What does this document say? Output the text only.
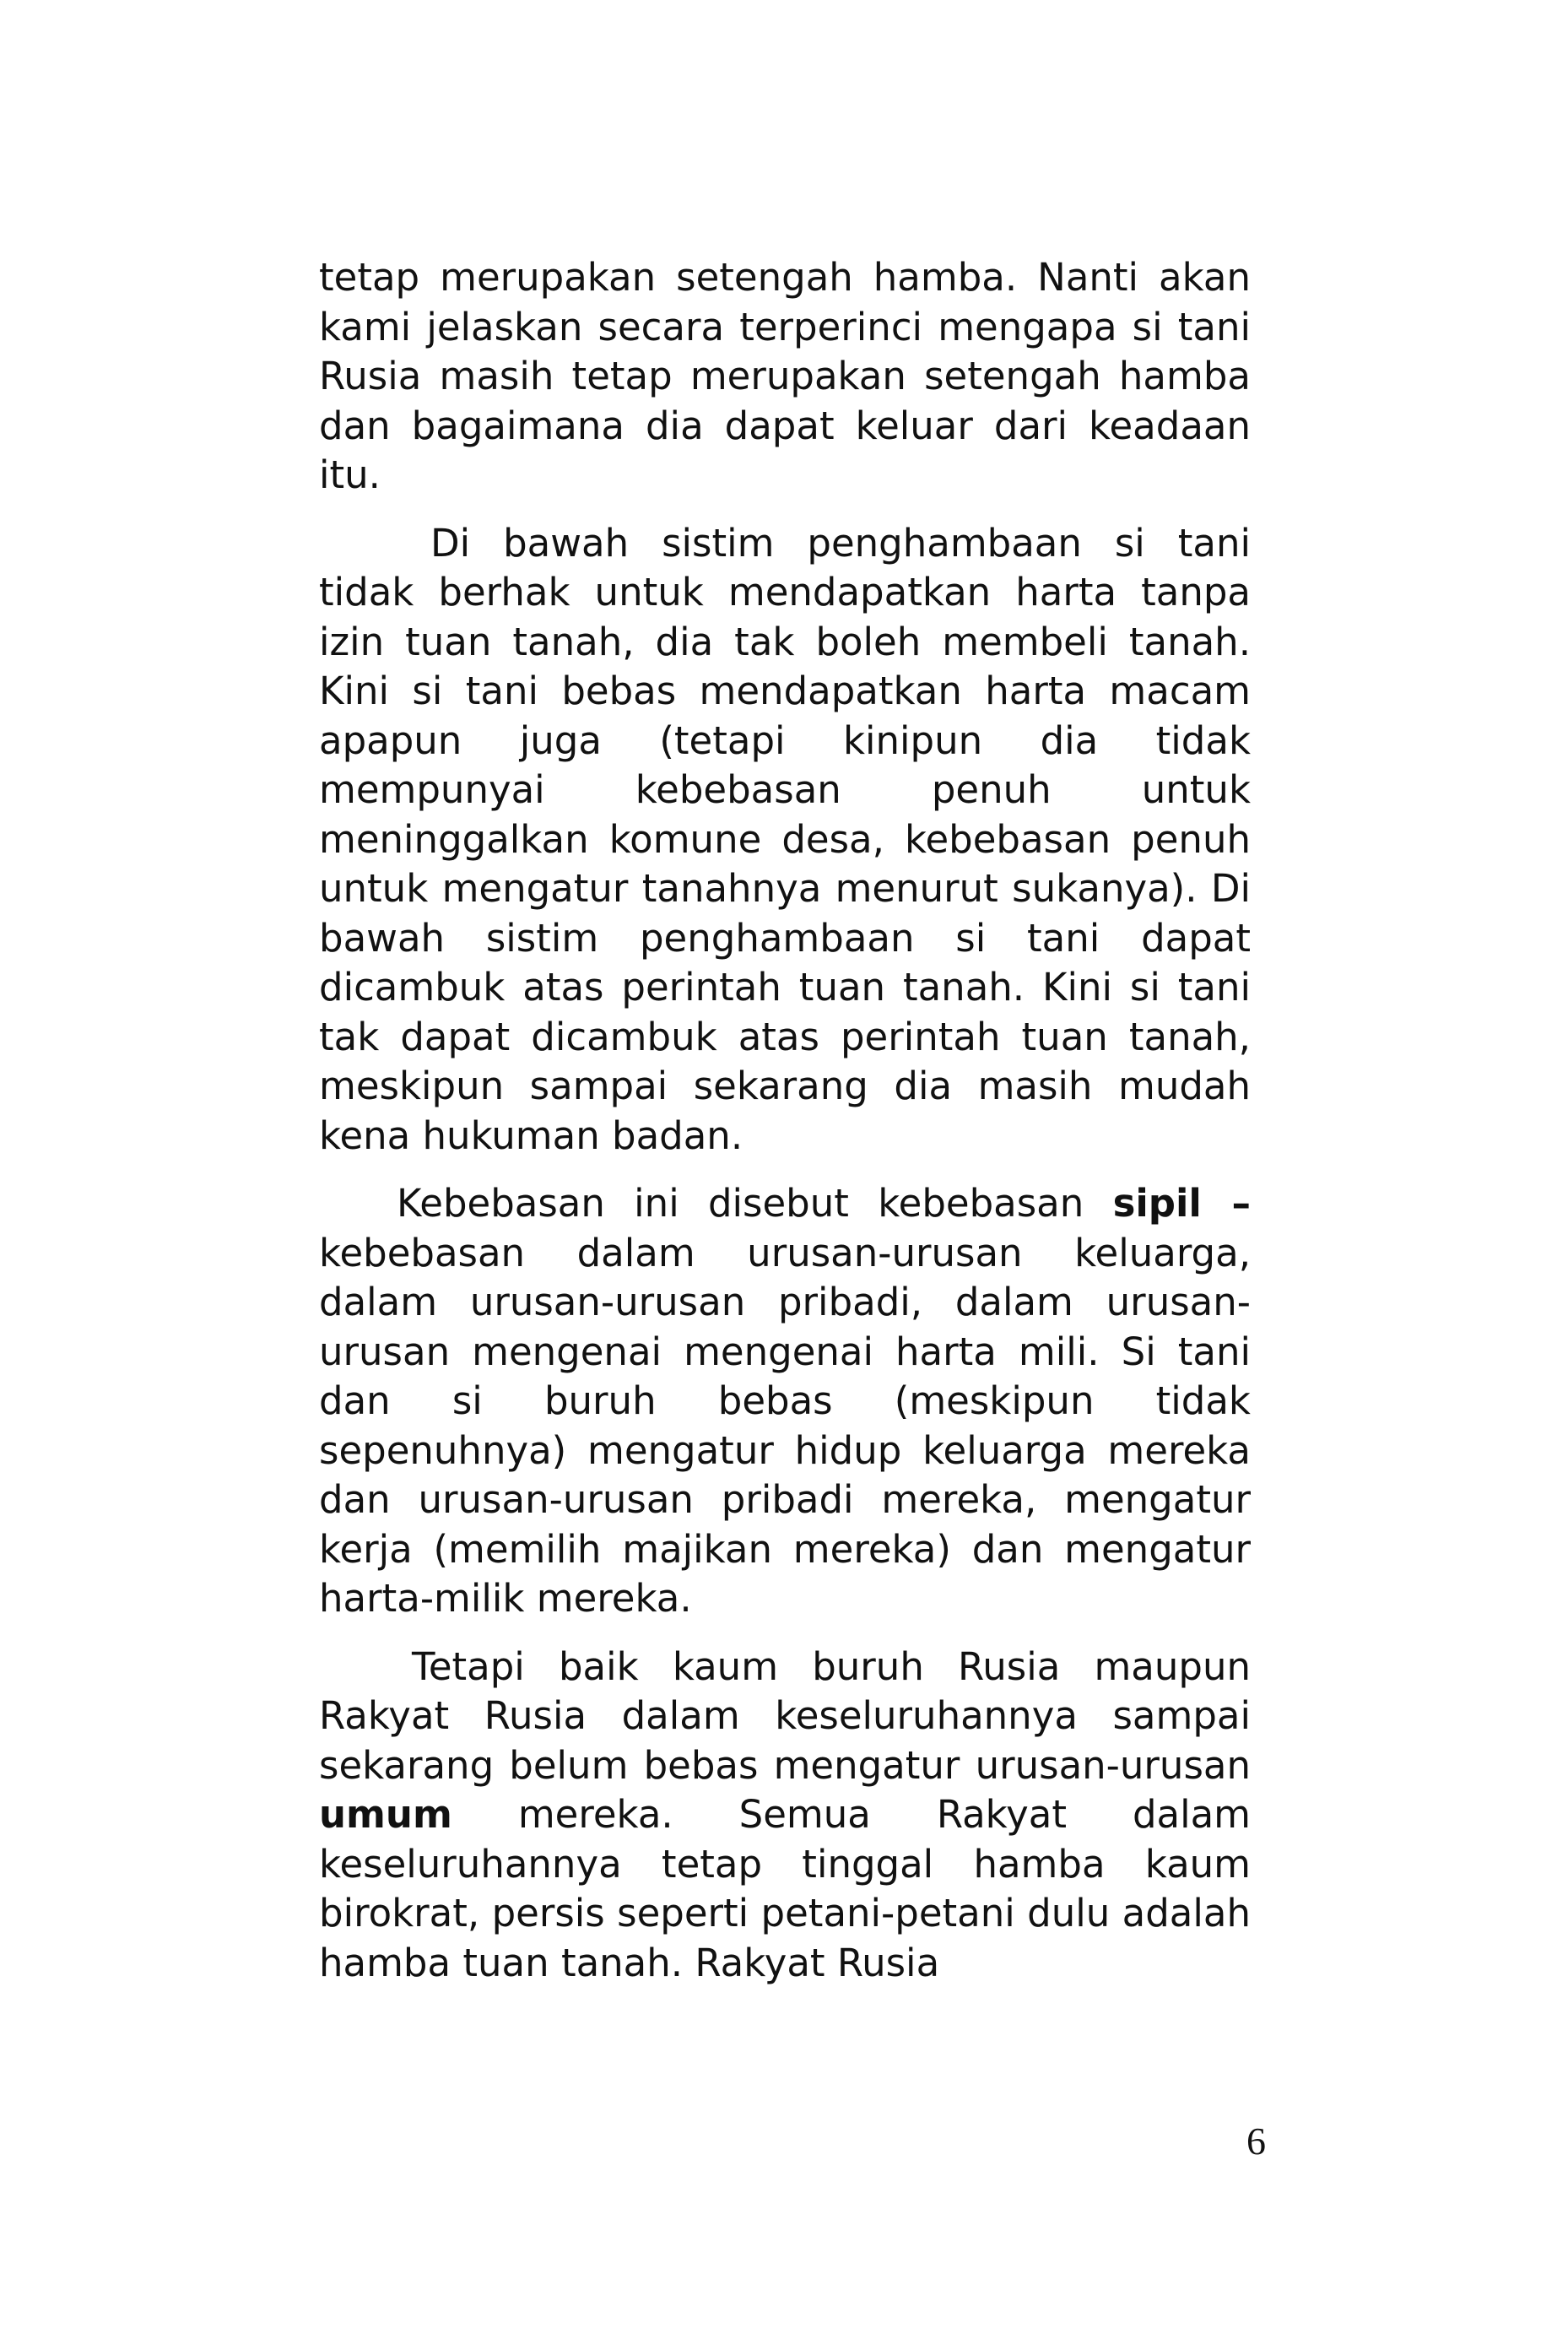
tetap merupakan setengah hamba. Nanti akan kami jelaskan secara terperinci mengapa si tani Rusia masih tetap merupakan setengah hamba dan bagaimana dia dapat keluar dari keadaan itu.

Di bawah sistim penghambaan si tani tidak berhak untuk mendapatkan harta tanpa izin tuan tanah, dia tak boleh membeli tanah. Kini si tani bebas mendapatkan harta macam apapun juga (tetapi kinipun dia tidak mempunyai kebebasan penuh untuk meninggalkan komune desa, kebebasan penuh untuk mengatur tanahnya menurut sukanya). Di bawah sistim penghambaan si tani dapat dicambuk atas perintah tuan tanah. Kini si tani tak dapat dicambuk atas perintah tuan tanah, meskipun sampai sekarang dia masih mudah kena hukuman badan.

Kebebasan ini disebut kebebasan sipil – kebebasan dalam urusan-urusan keluarga, dalam urusan-urusan pribadi, dalam urusan-urusan mengenai mengenai harta mili. Si tani dan si buruh bebas (meskipun tidak sepenuhnya) mengatur hidup keluarga mereka dan urusan-urusan pribadi mereka, mengatur kerja (memilih majikan mereka) dan mengatur harta-milik mereka.

Tetapi baik kaum buruh Rusia maupun Rakyat Rusia dalam keseluruhannya sampai sekarang belum bebas mengatur urusan-urusan umum mereka. Semua Rakyat dalam keseluruhannya tetap tinggal hamba kaum birokrat, persis seperti petani-petani dulu adalah hamba tuan tanah. Rakyat Rusia

6
